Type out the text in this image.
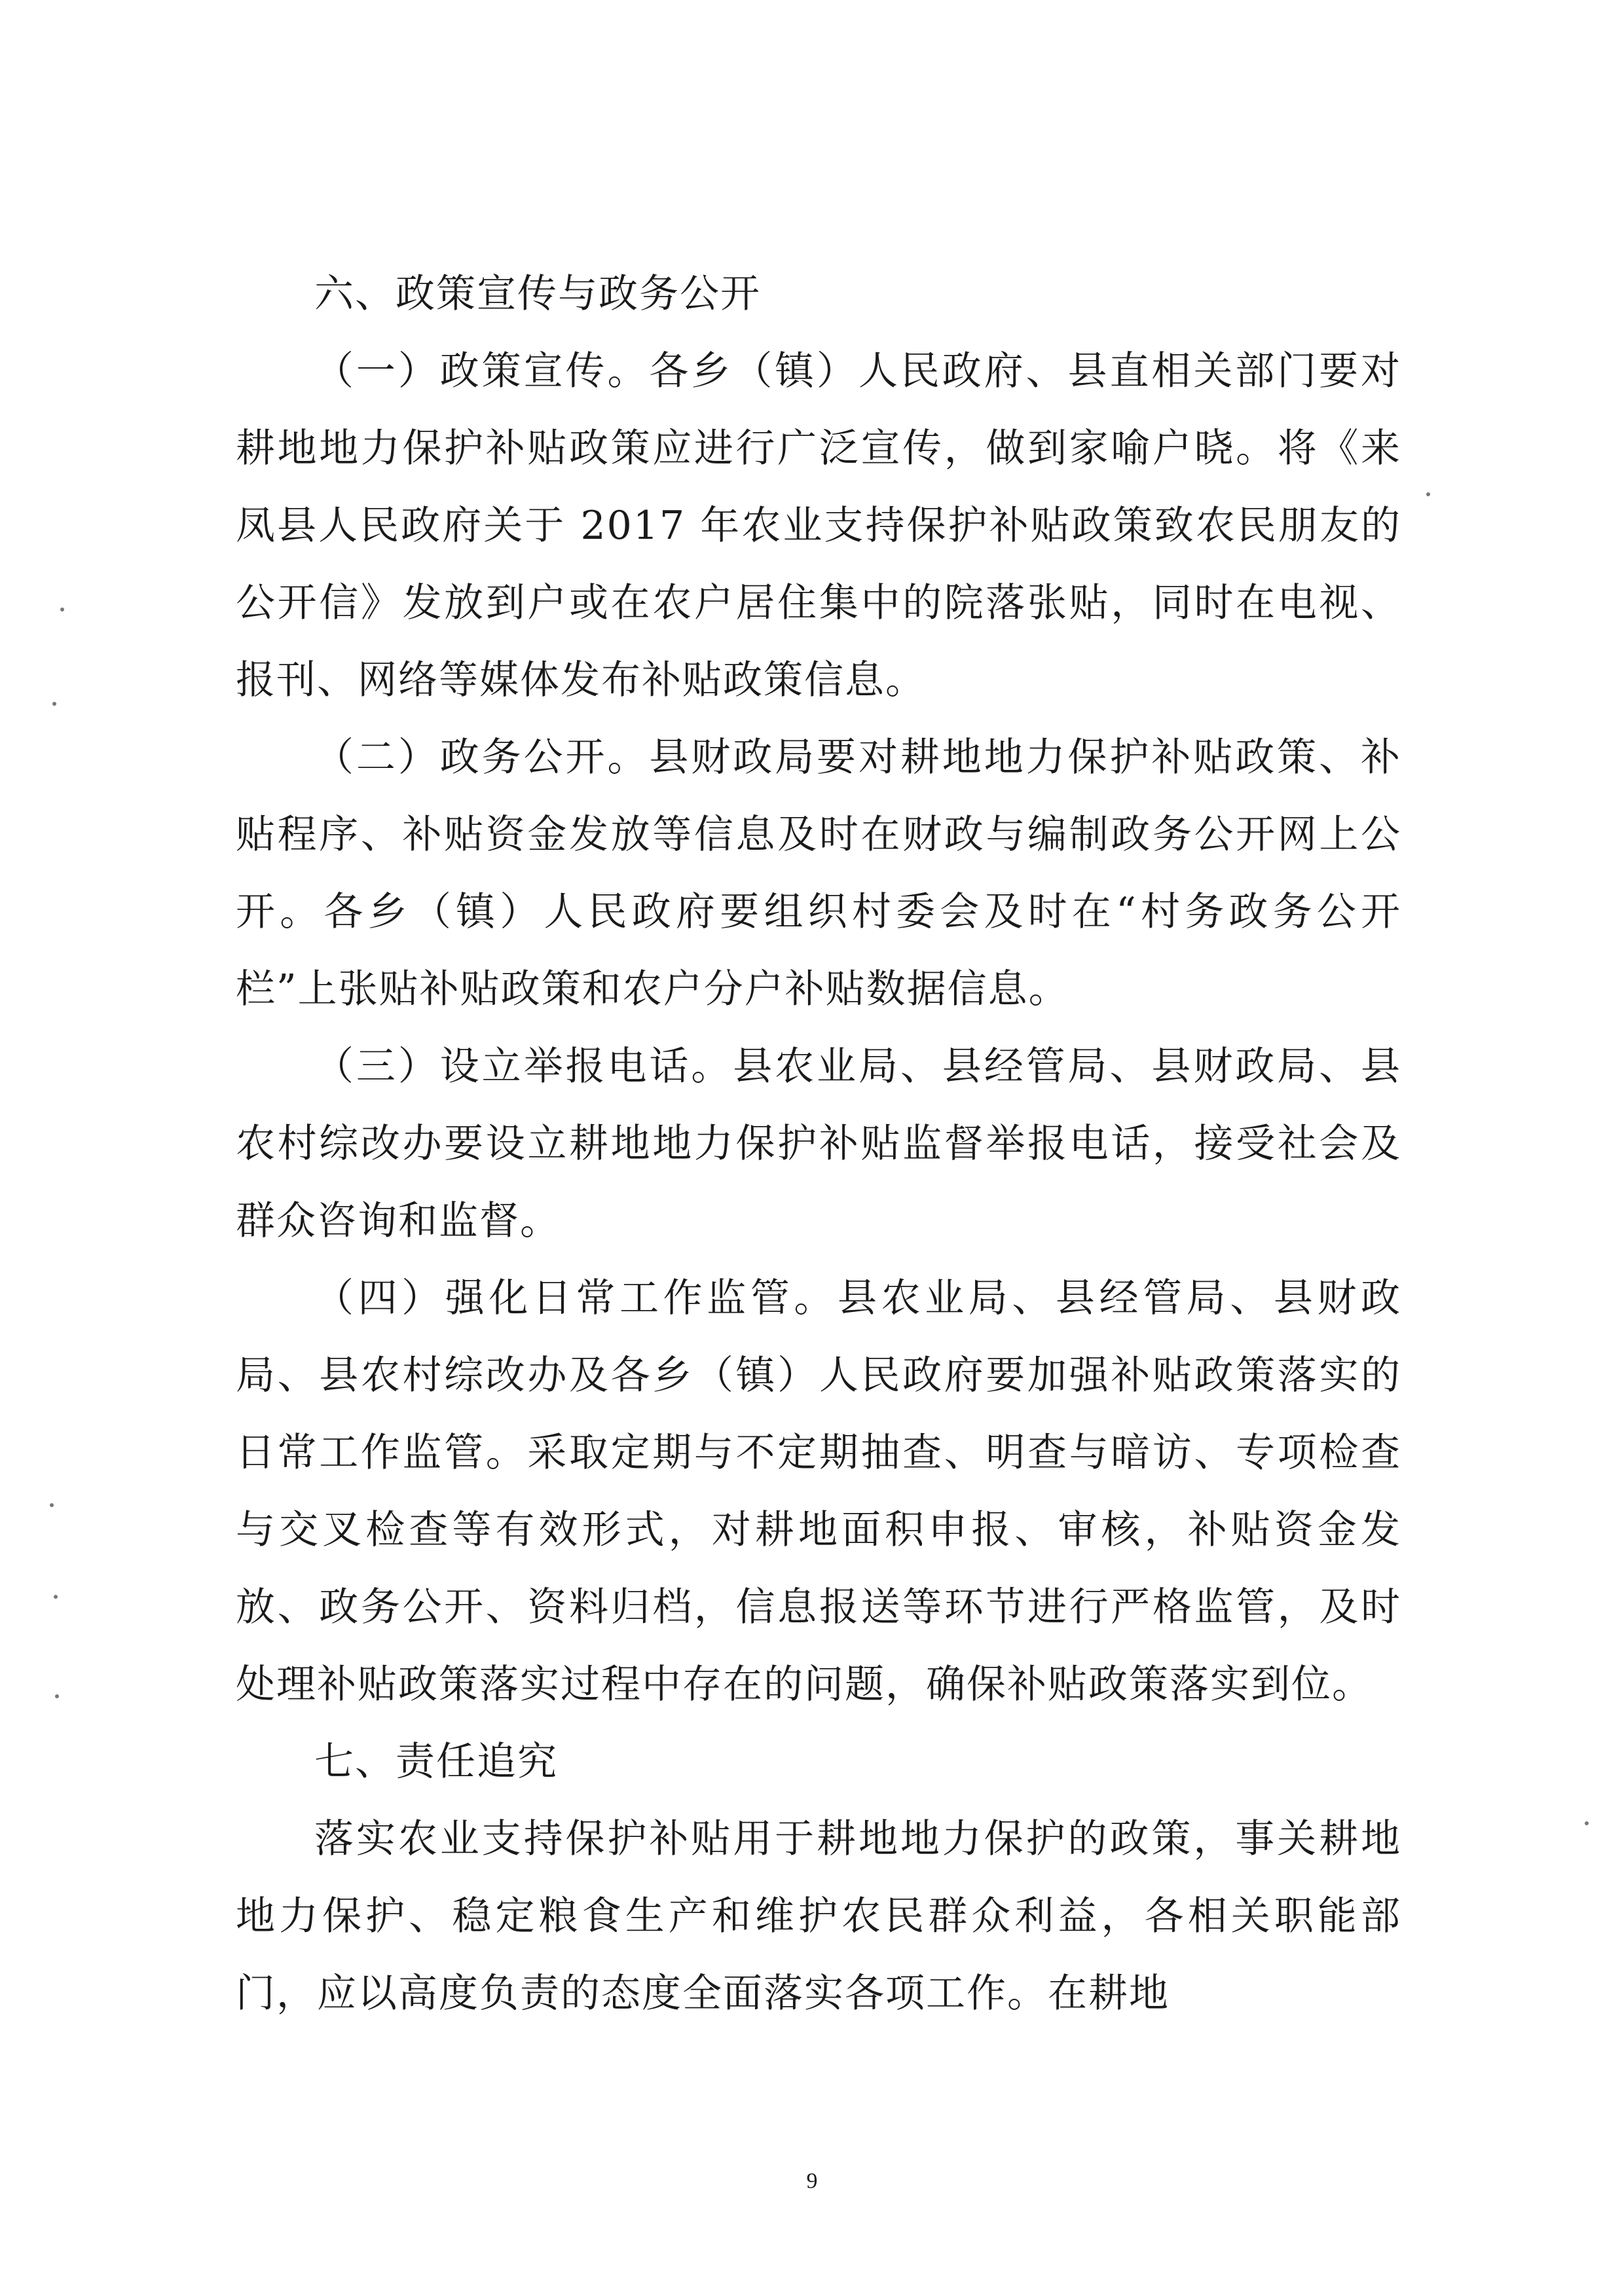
六、政策宣传与政务公开

（一）政策宣传。各乡（镇）人民政府、县直相关部门要对耕地地力保护补贴政策应进行广泛宣传，做到家喻户晓。将《来凤县人民政府关于 2017 年农业支持保护补贴政策致农民朋友的公开信》发放到户或在农户居住集中的院落张贴，同时在电视、报刊、网络等媒体发布补贴政策信息。

（二）政务公开。县财政局要对耕地地力保护补贴政策、补贴程序、补贴资金发放等信息及时在财政与编制政务公开网上公开。各乡（镇）人民政府要组织村委会及时在“村务政务公开栏”上张贴补贴政策和农户分户补贴数据信息。

（三）设立举报电话。县农业局、县经管局、县财政局、县农村综改办要设立耕地地力保护补贴监督举报电话，接受社会及群众咨询和监督。

（四）强化日常工作监管。县农业局、县经管局、县财政局、县农村综改办及各乡（镇）人民政府要加强补贴政策落实的日常工作监管。采取定期与不定期抽查、明查与暗访、专项检查与交叉检查等有效形式，对耕地面积申报、审核，补贴资金发放、政务公开、资料归档，信息报送等环节进行严格监管，及时处理补贴政策落实过程中存在的问题，确保补贴政策落实到位。

七、责任追究

落实农业支持保护补贴用于耕地地力保护的政策，事关耕地地力保护、稳定粮食生产和维护农民群众利益，各相关职能部门，应以高度负责的态度全面落实各项工作。在耕地

9
